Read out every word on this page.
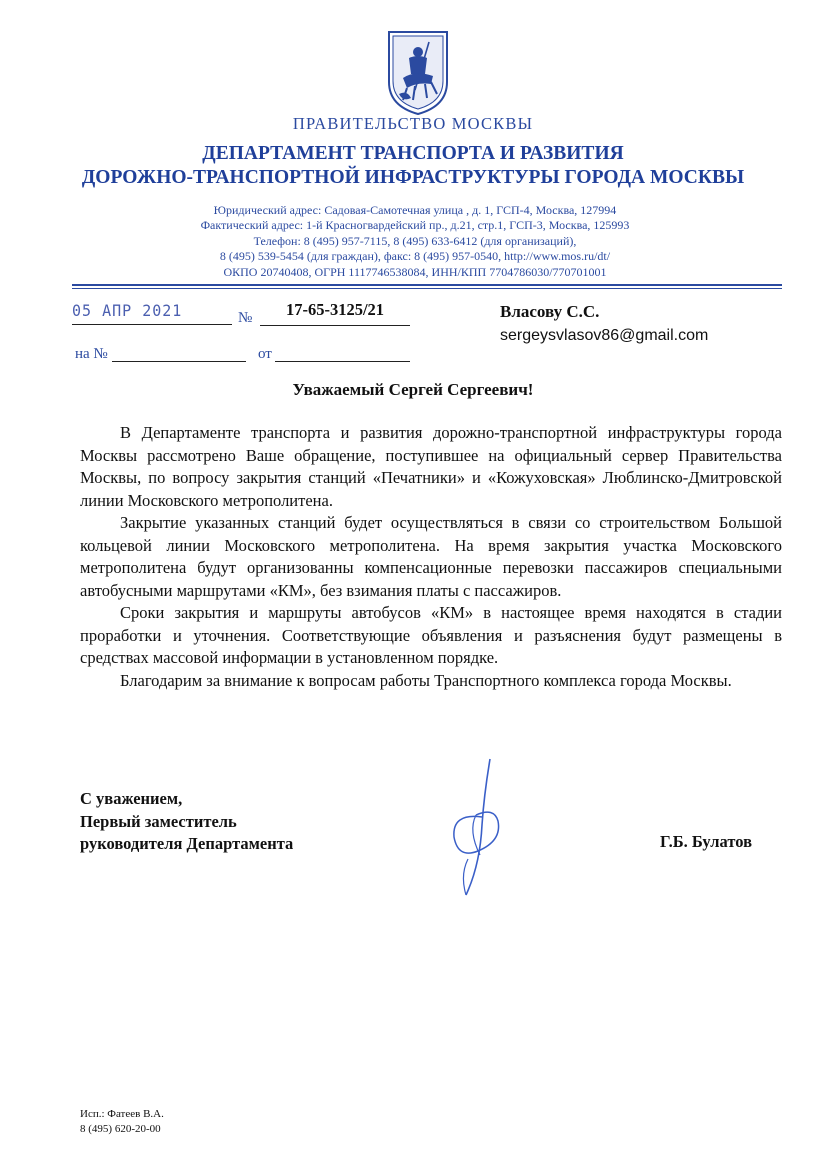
ПРАВИТЕЛЬСТВО МОСКВЫ
ДЕПАРТАМЕНТ ТРАНСПОРТА И РАЗВИТИЯ
ДОРОЖНО-ТРАНСПОРТНОЙ ИНФРАСТРУКТУРЫ ГОРОДА МОСКВЫ
Юридический адрес: Садовая-Самотечная улица , д. 1, ГСП-4, Москва, 127994
Фактический адрес: 1-й Красногвардейский пр., д.21, стр.1, ГСП-3, Москва, 125993
Телефон: 8 (495) 957-7115, 8 (495) 633-6412 (для организаций),
8 (495) 539-5454 (для граждан), факс: 8 (495) 957-0540, http://www.mos.ru/dt/
ОКПО 20740408, ОГРН 1117746538084, ИНН/КПП 7704786030/770701001
05 АПР 2021	№	17-65-3125/21
на №	от
Власову С.С.
sergeysvlasov86@gmail.com
Уважаемый Сергей Сергеевич!

В Департаменте транспорта и развития дорожно-транспортной инфраструктуры города Москвы рассмотрено Ваше обращение, поступившее на официальный сервер Правительства Москвы, по вопросу закрытия станций «Печатники» и «Кожуховская» Люблинско-Дмитровской линии Московского метрополитена.

Закрытие указанных станций будет осуществляться в связи со строительством Большой кольцевой линии Московского метрополитена. На время закрытия участка Московского метрополитена будут организованны компенсационные перевозки пассажиров специальными автобусными маршрутами «КМ», без взимания платы с пассажиров.

Сроки закрытия и маршруты автобусов «КМ» в настоящее время находятся в стадии проработки и уточнения. Соответствующие объявления и разъяснения будут размещены в средствах массовой информации в установленном порядке.

Благодарим за внимание к вопросам работы Транспортного комплекса города Москвы.

С уважением,
Первый заместитель
руководителя Департамента	Г.Б. Булатов
Исп.: Фатеев В.А.
8 (495) 620-20-00
